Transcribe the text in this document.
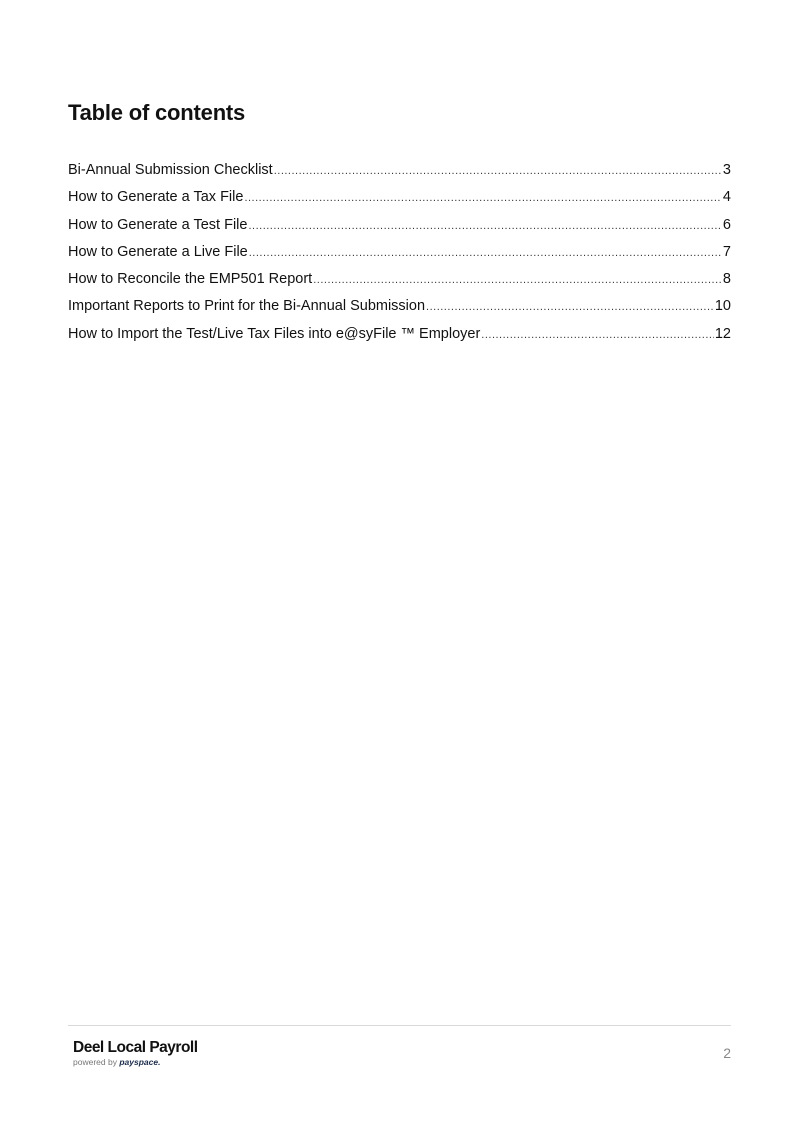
Table of contents
Bi-Annual Submission Checklist .....	3
How to Generate a Tax File .....	4
How to Generate a Test File .....	6
How to Generate a Live File .....	7
How to Reconcile the EMP501 Report .....	8
Important Reports to Print for the Bi-Annual Submission .....	10
How to Import the Test/Live Tax Files into e@syFile ™ Employer .....	12
Deel Local Payroll
powered by payspace.
2
